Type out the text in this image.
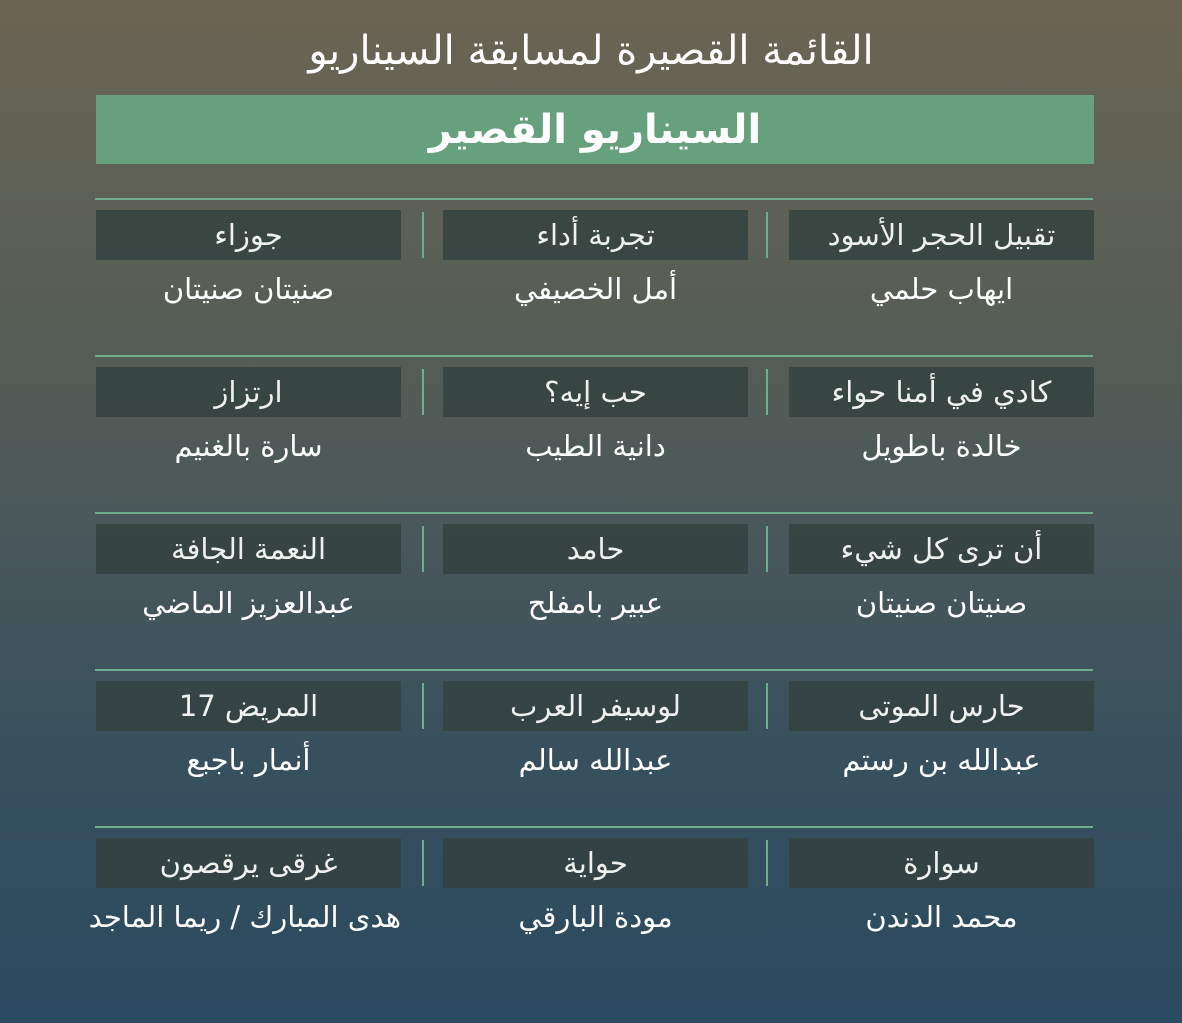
القائمة القصيرة لمسابقة السيناريو
السيناريو القصير
تقبيل الحجر الأسود
ايهاب حلمي
تجربة أداء
أمل الخصيفي
جوزاء
صنيتان صنيتان
كادي في أمنا حواء
خالدة باطويل
حب إيه؟
دانية الطيب
ارتزاز
سارة بالغنيم
أن ترى كل شيء
صنيتان صنيتان
حامد
عبير بامفلح
النعمة الجافة
عبدالعزيز الماضي
حارس الموتى
عبدالله بن رستم
لوسيفر العرب
عبدالله سالم
المريض 17
أنمار باجبع
سوارة
محمد الدندن
حواية
مودة البارقي
غرقى يرقصون
هدى المبارك / ريما الماجد
